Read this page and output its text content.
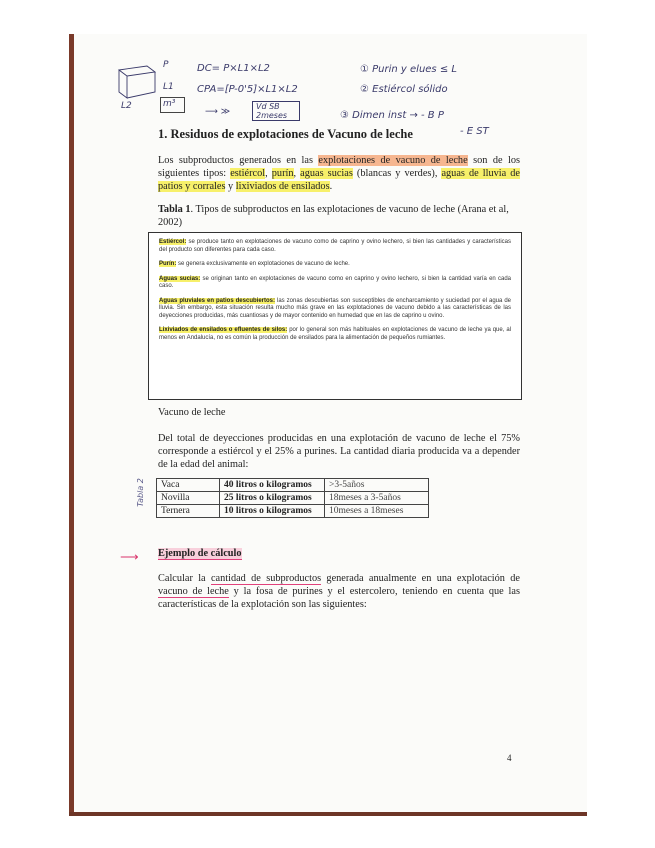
P
L1
L2	m³
DC= P×L1×L2
CPA=[P-0'5]×L1×L2
⟶ ≫
Vd SB 2meses
① Purin y elues ≤ L
② Estiércol sólido
③ Dimen inst → - B P
- E ST
1. Residuos de explotaciones de Vacuno de leche

Los subproductos generados en las explotaciones de vacuno de leche son de los siguientes tipos: estiércol, purín, aguas sucias (blancas y verdes), aguas de lluvia de patios y corrales y lixiviados de ensilados.

Tabla 1. Tipos de subproductos en las explotaciones de vacuno de leche (Arana et al, 2002)

Estiércol: se produce tanto en explotaciones de vacuno como de caprino y ovino lechero, si bien las cantidades y características del producto son diferentes para cada caso.

Purín: se genera exclusivamente en explotaciones de vacuno de leche.

Aguas sucias: se originan tanto en explotaciones de vacuno como en caprino y ovino lechero, si bien la cantidad varía en cada caso.

Aguas pluviales en patios descubiertos: las zonas descubiertas son susceptibles de encharcamiento y suciedad por el agua de lluvia. Sin embargo, esta situación resulta mucho más grave en las explotaciones de vacuno debido a las características de las deyecciones producidas, más cuantiosas y de mayor contenido en humedad que en las de caprino u ovino.

Lixiviados de ensilados o efluentes de silos: por lo general son más habituales en explotaciones de vacuno de leche ya que, al menos en Andalucía, no es común la producción de ensilados para la alimentación de pequeños rumiantes.

Vacuno de leche

Del total de deyecciones producidas en una explotación de vacuno de leche el 75% corresponde a estiércol y el 25% a purines. La cantidad diaria producida va a depender de la edad del animal:

Tabla 2 Vaca	40 litros o kilogramos	>3-5años
Novilla	25 litros o kilogramos	18meses a 3-5años
Ternera	10 litros o kilogramos	10meses a 18meses
⟶ Ejemplo de cálculo

Calcular la cantidad de subproductos generada anualmente en una explotación de vacuno de leche y la fosa de purines y el estercolero, teniendo en cuenta que las características de la explotación son las siguientes:

4
